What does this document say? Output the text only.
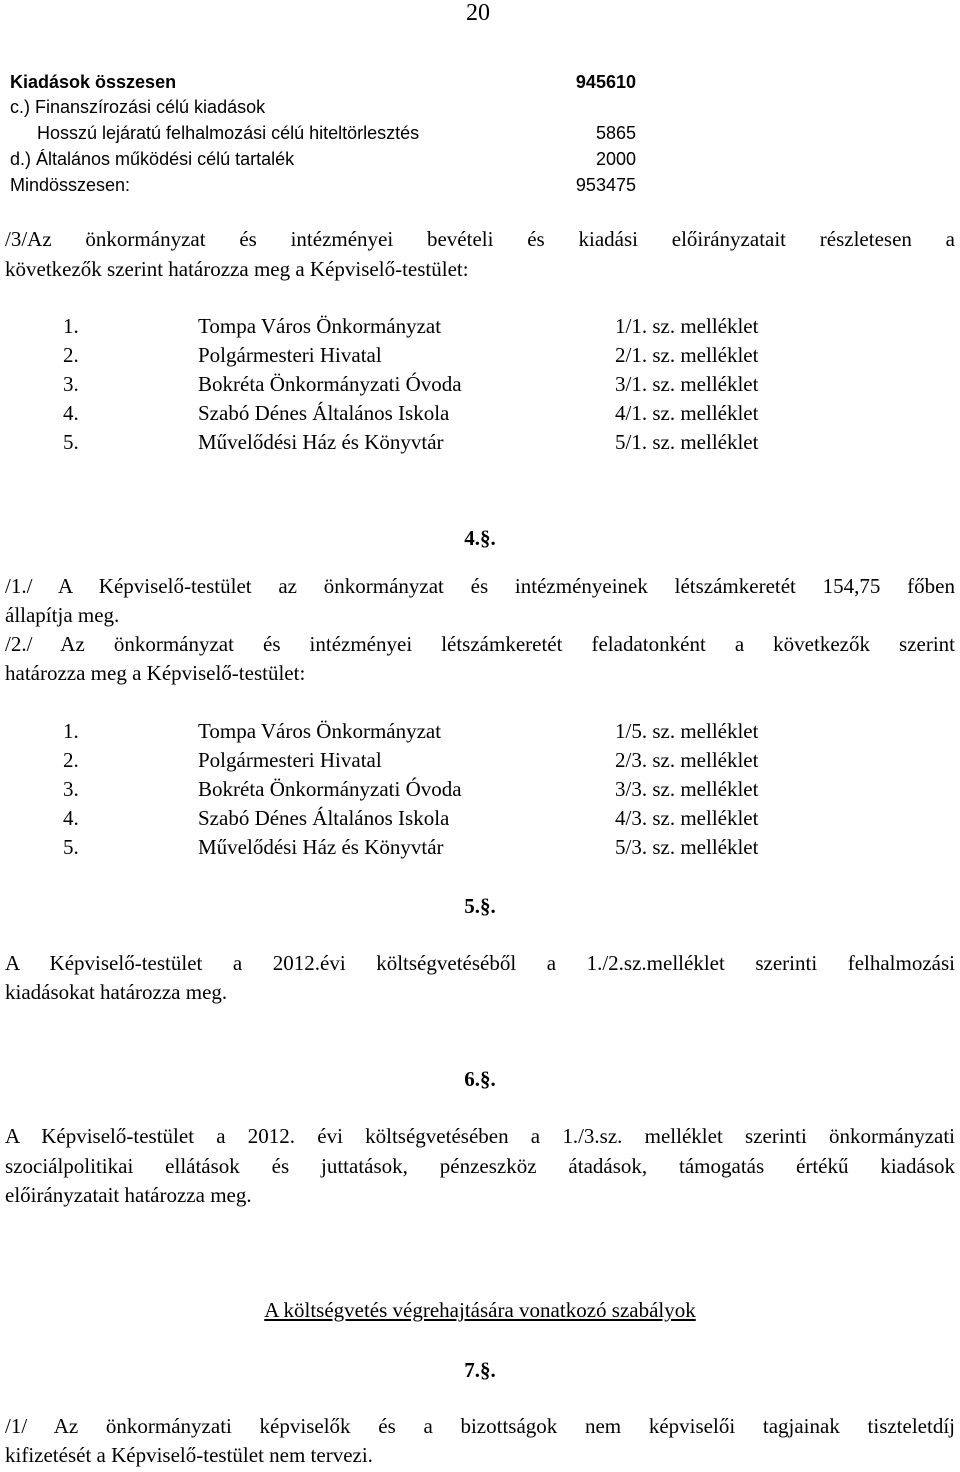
20
Kiadások összesen	945610
c.) Finanszírozási célú kiadások
Hosszú lejáratú felhalmozási célú hiteltörlesztés	5865
d.) Általános működési célú tartalék	2000
Mindösszesen:	953475
/3/Az önkormányzat és intézményei bevételi és kiadási előirányzatait részletesen a
következők szerint határozza meg a Képviselő-testület:
1.	Tompa Város Önkormányzat	1/1. sz. melléklet
2.	Polgármesteri Hivatal	2/1. sz. melléklet
3.	Bokréta Önkormányzati Óvoda	3/1. sz. melléklet
4.	Szabó Dénes Általános Iskola	4/1. sz. melléklet
5.	Művelődési Ház és Könyvtár	5/1. sz. melléklet
4.§.
/1./ A Képviselő-testület az önkormányzat és intézményeinek létszámkeretét 154,75 főben
állapítja meg.
/2./ Az önkormányzat és intézményei létszámkeretét feladatonként a következők szerint
határozza meg a Képviselő-testület:
1.	Tompa Város Önkormányzat	1/5. sz. melléklet
2.	Polgármesteri Hivatal	2/3. sz. melléklet
3.	Bokréta Önkormányzati Óvoda	3/3. sz. melléklet
4.	Szabó Dénes Általános Iskola	4/3. sz. melléklet
5.	Művelődési Ház és Könyvtár	5/3. sz. melléklet
5.§.
A Képviselő-testület a 2012.évi költségvetéséből a 1./2.sz.melléklet szerinti felhalmozási
kiadásokat határozza meg.
6.§.
A Képviselő-testület a 2012. évi költségvetésében a 1./3.sz. melléklet szerinti önkormányzati
szociálpolitikai ellátások és juttatások, pénzeszköz átadások, támogatás értékű kiadások
előirányzatait határozza meg.
A költségvetés végrehajtására vonatkozó szabályok
7.§.
/1/ Az önkormányzati képviselők és a bizottságok nem képviselői tagjainak tiszteletdíj
kifizetését a Képviselő-testület nem tervezi.
